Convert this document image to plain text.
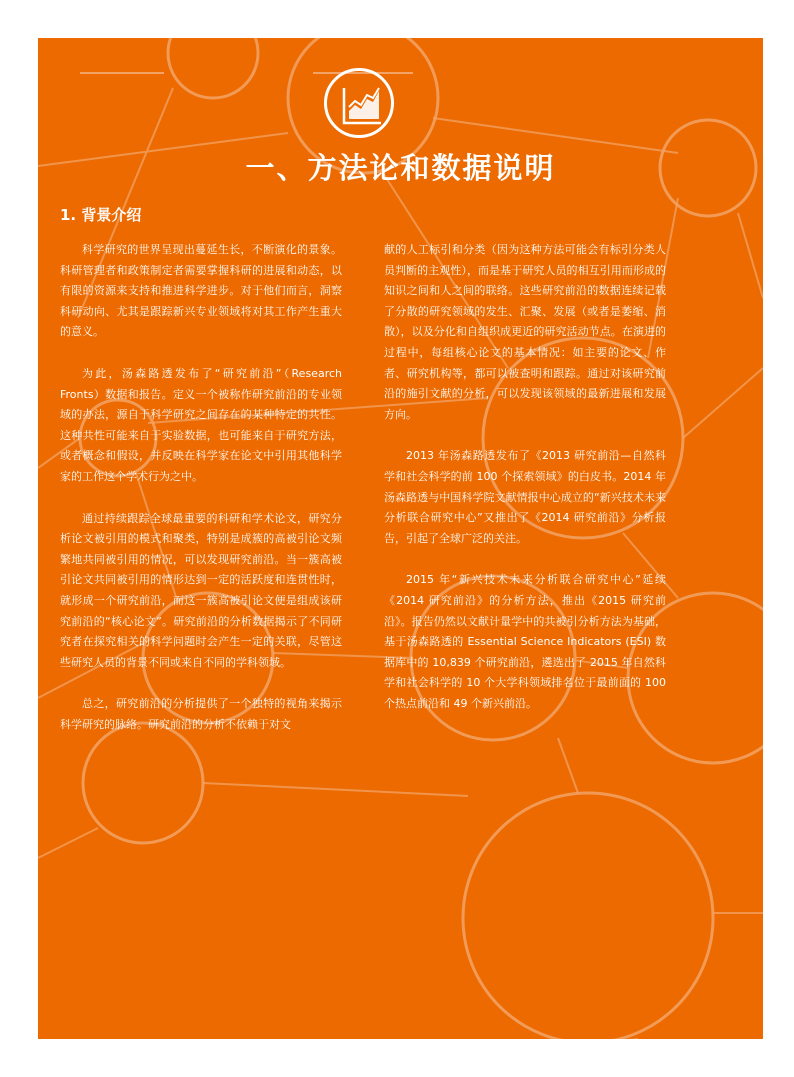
一、方法论和数据说明
1. 背景介绍

科学研究的世界呈现出蔓延生长，不断演化的景象。科研管理者和政策制定者需要掌握科研的进展和动态，以有限的资源来支持和推进科学进步。对于他们而言，洞察科研动向、尤其是跟踪新兴专业领域将对其工作产生重大的意义。

为此，汤森路透发布了“研究前沿”（Research Fronts）数据和报告。定义一个被称作研究前沿的专业领域的办法，源自于科学研究之间存在的某种特定的共性。这种共性可能来自于实验数据，也可能来自于研究方法，或者概念和假设，并反映在科学家在论文中引用其他科学家的工作这个学术行为之中。

通过持续跟踪全球最重要的科研和学术论文，研究分析论文被引用的模式和聚类，特别是成簇的高被引论文频繁地共同被引用的情况，可以发现研究前沿。当一簇高被引论文共同被引用的情形达到一定的活跃度和连贯性时，就形成一个研究前沿，而这一簇高被引论文便是组成该研究前沿的“核心论文”。研究前沿的分析数据揭示了不同研究者在探究相关的科学问题时会产生一定的关联，尽管这些研究人员的背景不同或来自不同的学科领域。

总之，研究前沿的分析提供了一个独特的视角来揭示科学研究的脉络。研究前沿的分析不依赖于对文

献的人工标引和分类（因为这种方法可能会有标引分类人员判断的主观性），而是基于研究人员的相互引用而形成的知识之间和人之间的联络。这些研究前沿的数据连续记载了分散的研究领域的发生、汇聚、发展（或者是萎缩、消散），以及分化和自组织成更近的研究活动节点。在演进的过程中，每组核心论文的基本情况：如主要的论文、作者、研究机构等，都可以被查明和跟踪。通过对该研究前沿的施引文献的分析，可以发现该领域的最新进展和发展方向。

2013 年汤森路透发布了《2013 研究前沿—自然科学和社会科学的前 100 个探索领域》的白皮书。2014 年汤森路透与中国科学院文献情报中心成立的“新兴技术未来分析联合研究中心”又推出了《2014 研究前沿》分析报告，引起了全球广泛的关注。

2015 年“新兴技术未来分析联合研究中心”延续《2014 研究前沿》的分析方法，推出《2015 研究前沿》。报告仍然以文献计量学中的共被引分析方法为基础，基于汤森路透的 Essential Science Indicators (ESI) 数据库中的 10,839 个研究前沿，遴选出了 2015 年自然科学和社会科学的 10 个大学科领域排名位于最前面的 100 个热点前沿和 49 个新兴前沿。
